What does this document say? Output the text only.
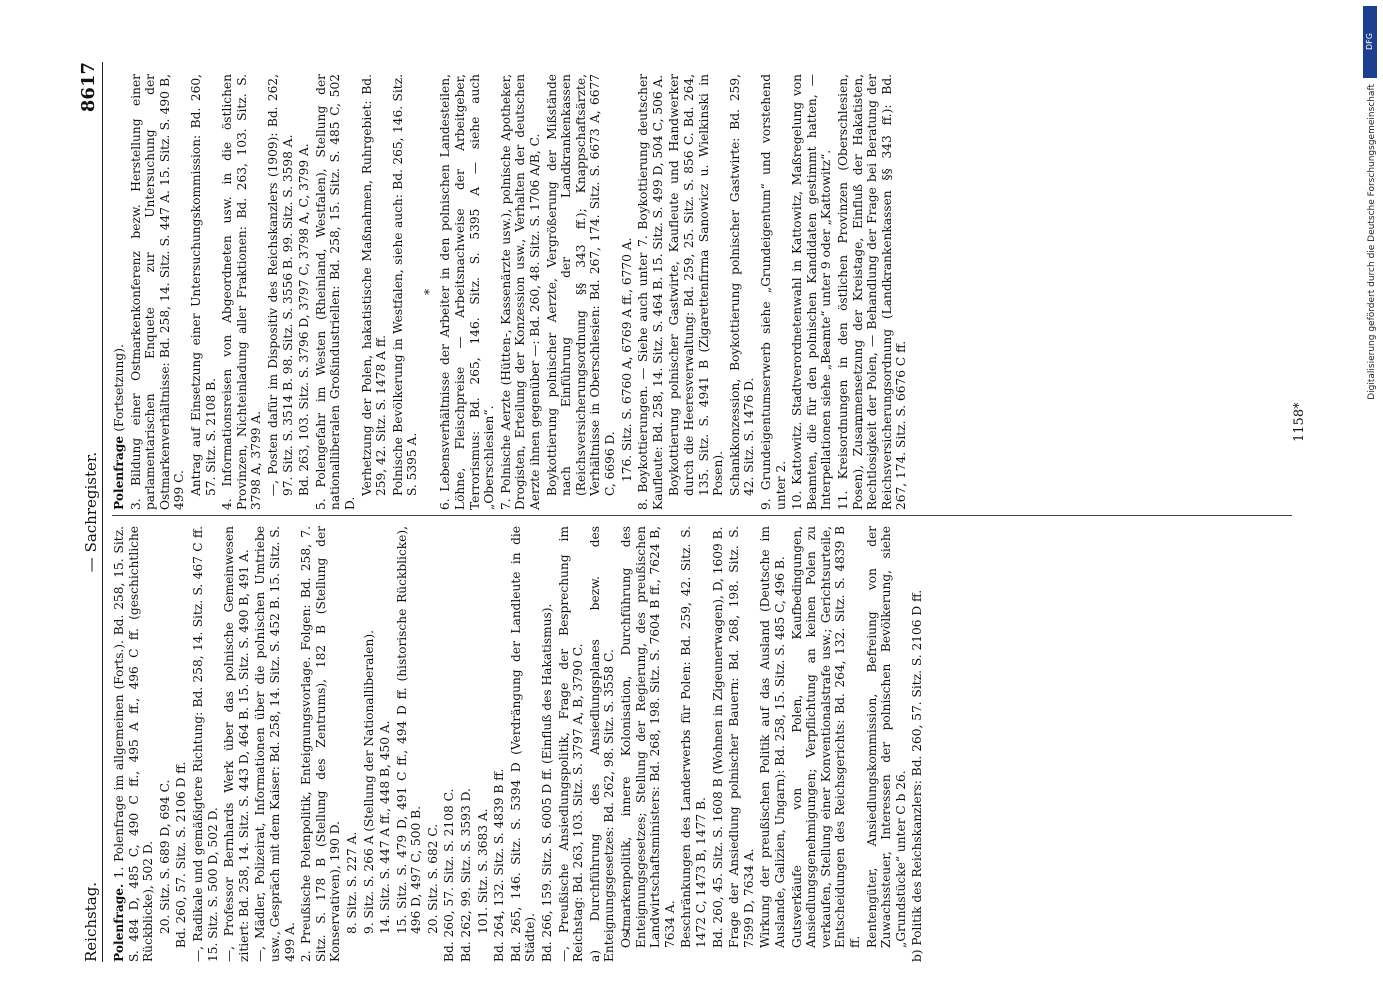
DFG
Digitalisierung gefördert durch die Deutsche Forschungsgemeinschaft
Reichstag.
— Sachregister.
8617

Polenfrage. 1. Polenfrage im allgemeinen (Forts.). Bd. 258, 15. Sitz. S. 484 D, 485 C, 490 C ff., 495 A ff., 496 C ff. (geschichtliche Rückblicke), 502 D. 20. Sitz. S. 689 D, 694 C. Bd. 260, 57. Sitz. S. 2106 D ff. —, Radikale und gemäßigtere Richtung: Bd. 258, 14. Sitz. S. 467 C ff. 15. Sitz. S. 500 D, 502 D. —, Professor Bernhards Werk über das polnische Gemeinwesen zitiert: Bd. 258, 14. Sitz. S. 443 D, 464 B. 15. Sitz. S. 490 B, 491 A. —, Mädler, Polizeirat, Informationen über die polnischen Umtriebe usw., Gespräch mit dem Kaiser: Bd. 258, 14. Sitz. S. 452 B. 15. Sitz. S. 499 A. 2. Preußische Polenpolitik, Enteignungsvorlage. Folgen: Bd. 258, 7. Sitz. S. 178 B (Stellung des Zentrums), 182 B (Stellung der Konservativen), 190 D. 8. Sitz. S. 227 A. 9. Sitz. S. 266 A (Stellung der Nationalliberalen). 14. Sitz. S. 447 A ff., 448 B, 450 A. 15. Sitz. S. 479 D, 491 C ff., 494 D ff. (historische Rückblicke), 496 D, 497 C, 500 B. 20. Sitz. S. 682 C. Bd. 260, 57. Sitz. S. 2108 C. Bd. 262, 99. Sitz. S. 3593 D. 101. Sitz. S. 3683 A. Bd. 264, 132. Sitz. S. 4839 B ff. Bd. 265, 146. Sitz. S. 5394 D (Verdrängung der Landleute in die Städte). Bd. 266, 159. Sitz. S. 6005 D ff. (Einfluß des Hakatismus). —, Preußische Ansiedlungspolitik, Frage der Besprechung im Reichstag: Bd. 263, 103. Sitz. S. 3797 A, B, 3790 C. a) Durchführung des Ansiedlungsplanes bezw. des Enteignungsgesetzes: Bd. 262, 98. Sitz. S. 3558 C. Ostmarkenpolitik, innere Kolonisation, Durchführung des Enteignungsgesetzes; Stellung der Regierung, des preußischen Landwirtschaftsministers: Bd. 268, 198. Sitz. S. 7604 B ff., 7624 B, 7634 A. Beschränkungen des Landerwerbs für Polen: Bd. 259, 42. Sitz. S. 1472 C, 1473 B, 1477 B. Bd. 260, 45. Sitz. S. 1608 B (Wohnen in Zigeunerwagen), D, 1609 B. Frage der Ansiedlung polnischer Bauern: Bd. 268, 198. Sitz. S. 7599 D, 7634 A. Wirkung der preußischen Politik auf das Ausland (Deutsche im Auslande, Galizien, Ungarn): Bd. 258, 15. Sitz. S. 485 C, 496 B. Gutsverkäufe von Polen, Kaufbedingungen, Ansiedlungsgenehmigungen; Verpflichtung an keinen Polen zu verkaufen, Stellung einer Konventionalstrafe usw.; Gerichtsurteile, Entscheidungen des Reichsgerichts: Bd. 264, 132. Sitz. S. 4839 B ff. Rentengüter, Ansiedlungskommission, Befreiung von der Zuwachssteuer, Interessen der polnischen Bevölkerung, siehe „Grundstücke“ unter C b 26. b) Politik des Reichskanzlers: Bd. 260, 57. Sitz. S. 2106 D ff.

Polenfrage (Fortsetzung). 3. Bildung einer Ostmarkenkonferenz bezw. Herstellung einer parlamentarischen Enquete zur Untersuchung der Ostmarkenverhältnisse: Bd. 258, 14. Sitz. S. 447 A. 15. Sitz. S. 490 B, 499 C. Antrag auf Einsetzung einer Untersuchungskommission: Bd. 260, 57. Sitz. S. 2108 B. 4. Informationsreisen von Abgeordneten usw. in die östlichen Provinzen, Nichteinladung aller Fraktionen: Bd. 263, 103. Sitz. S. 3798 A, 3799 A. —, Posten dafür im Dispositiv des Reichskanzlers (1909): Bd. 262, 97. Sitz. S. 3514 B. 98. Sitz. S. 3556 B. 99. Sitz. S. 3598 A. Bd. 263, 103. Sitz. S. 3796 D, 3797 C, 3798 A, C, 3799 A. 5. Polengefahr im Westen (Rheinland, Westfalen), Stellung der nationalliberalen Großindustriellen: Bd. 258, 15. Sitz. S. 485 C, 502 D.

Verhetzung der Polen, hakatistische Maßnahmen, Ruhrgebiet: Bd. 259, 42. Sitz. S. 1478 A ff. Polnische Bevölkerung in Westfalen, siehe auch: Bd. 265, 146. Sitz. S. 5395 A.

* 6. Lebensverhältnisse der Arbeiter in den polnischen Landesteilen, Löhne, Fleischpreise — Arbeitsnachweise der Arbeitgeber, Terrorismus: Bd. 265, 146. Sitz. S. 5395 A — siehe auch „Oberschlesien“. 7. Polnische Aerzte (Hütten-, Kassenärzte usw.), polnische Apotheker, Drogisten, Erteilung der Konzession usw., Verhalten der deutschen Aerzte ihnen gegenüber —: Bd. 260, 48. Sitz. S. 1706 A/B, C. Boykottierung polnischer Aerzte, Vergrößerung der Mißstände nach Einführung der Landkrankenkassen (Reichsversicherungsordnung §§ 343 ff.); Knappschaftsärzte, Verhältnisse in Oberschlesien: Bd. 267, 174. Sitz. S. 6673 A, 6677 C, 6696 D. 176. Sitz. S. 6760 A, 6769 A ff., 6770 A. 8. Boykottierungen. — Siehe auch unter 7. Boykottierung deutscher Kaufleute: Bd. 258, 14. Sitz. S. 464 B. 15. Sitz. S. 499 D, 504 C, 506 A. Boykottierung polnischer Gastwirte, Kaufleute und Handwerker durch die Heeresverwaltung: Bd. 259, 25. Sitz. S. 856 C. Bd. 264, 135. Sitz. S. 4941 B (Zigarettenfirma Sanowicz u. Wielkinski in Posen). Schankkonzession, Boykottierung polnischer Gastwirte: Bd. 259, 42. Sitz. S. 1476 D. 9. Grundeigentumserwerb siehe „Grundeigentum“ und vorstehend unter 2. 10. Kattowitz. Stadtverordnetenwahl in Kattowitz, Maßregelung von Beamten, die für den polnischen Kandidaten gestimmt hatten, — Interpellationen siehe „Beamte“ unter 9 oder „Kattowitz“. 11. Kreisordnungen in den östlichen Provinzen (Oberschlesien, Posen), Zusammensetzung der Kreistage, Einfluß der Hakatisten, Rechtlosigkeit der Polen, — Behandlung der Frage bei Beratung der Reichsversicherungsordnung (Landkrankenkassen §§ 343 ff.): Bd. 267, 174. Sitz. S. 6676 C ff.	1158*
